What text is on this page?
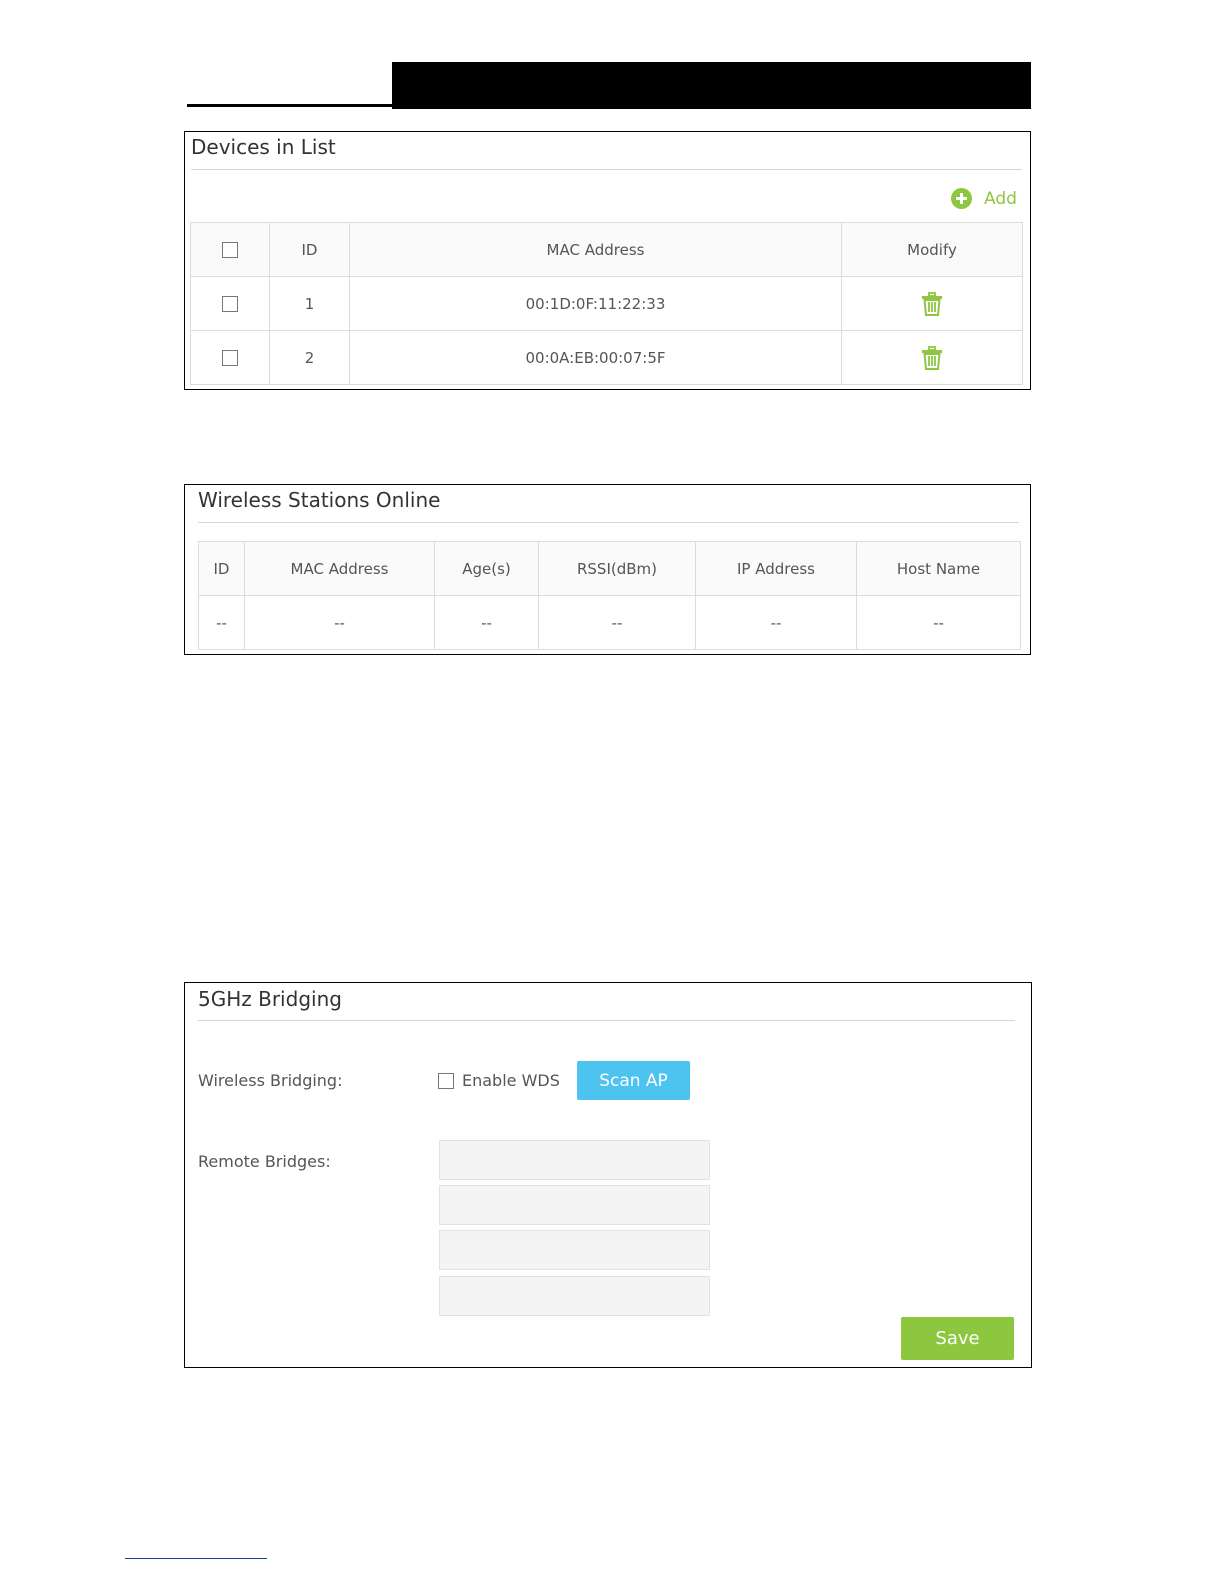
Devices in List
Add
	ID	MAC Address	Modify
	1	00:1D:0F:11:22:33	
	2	00:0A:EB:00:07:5F	
Wireless Stations Online
ID	MAC Address	Age(s)	RSSI(dBm)	IP Address	Host Name
--	--	--	--	--	--
5GHz Bridging
Wireless Bridging:	Enable WDS	Scan AP
Remote Bridges:
Save
